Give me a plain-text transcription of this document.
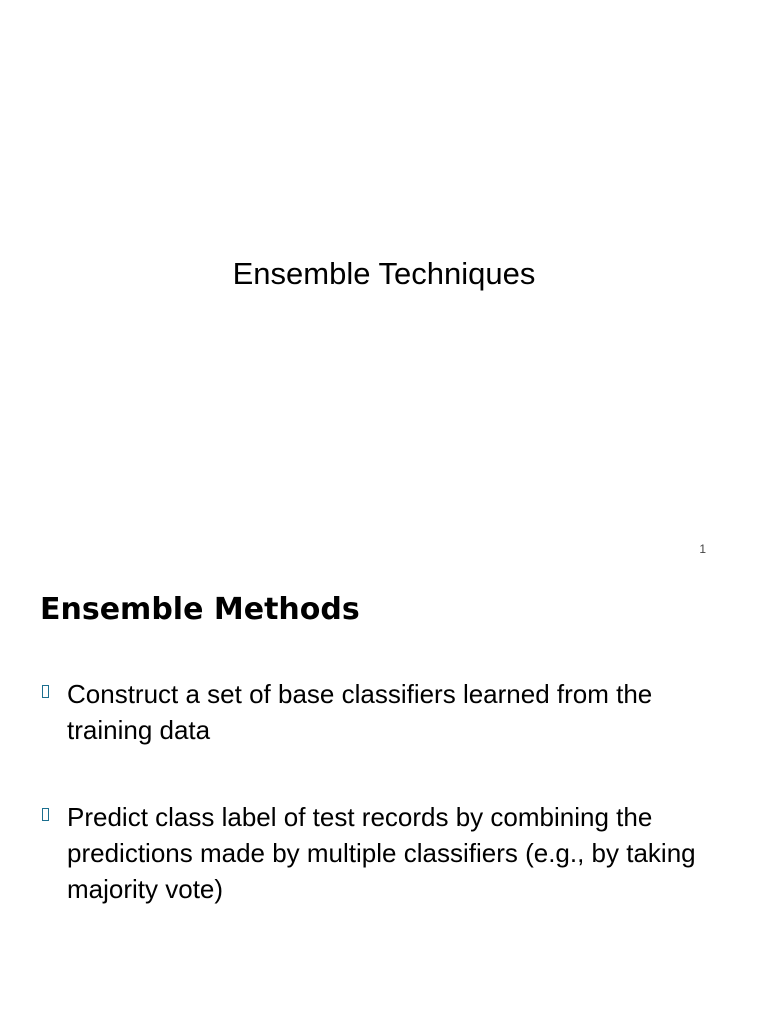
Ensemble Techniques
1
Ensemble Methods
Construct a set of base classifiers learned from the training data
Predict class label of test records by combining the predictions made by multiple classifiers (e.g., by taking majority vote)
